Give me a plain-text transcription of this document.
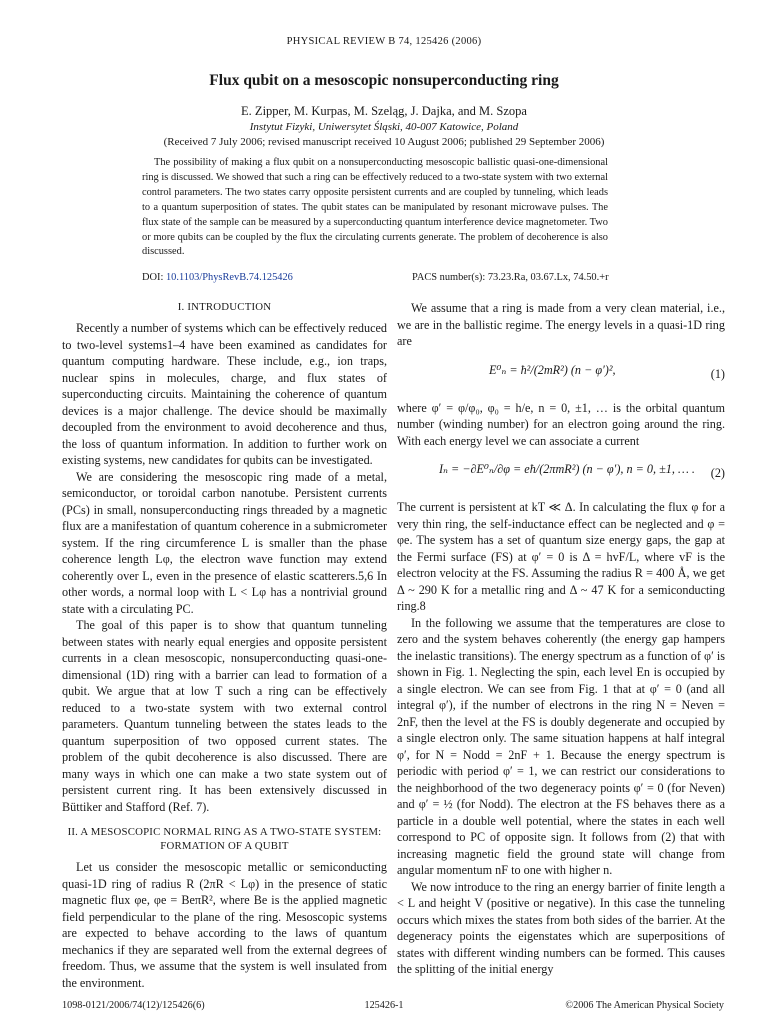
PHYSICAL REVIEW B 74, 125426 (2006)
Flux qubit on a mesoscopic nonsuperconducting ring
E. Zipper, M. Kurpas, M. Szeląg, J. Dajka, and M. Szopa
Instytut Fizyki, Uniwersytet Śląski, 40-007 Katowice, Poland
(Received 7 July 2006; revised manuscript received 10 August 2006; published 29 September 2006)
The possibility of making a flux qubit on a nonsuperconducting mesoscopic ballistic quasi-one-dimensional ring is discussed. We showed that such a ring can be effectively reduced to a two-state system with two external control parameters. The two states carry opposite persistent currents and are coupled by tunneling, which leads to a quantum superposition of states. The qubit states can be manipulated by resonant microwave pulses. The flux state of the sample can be measured by a superconducting quantum interference device magnetometer. Two or more qubits can be coupled by the flux the circulating currents generate. The problem of decoherence is also discussed.
DOI: 10.1103/PhysRevB.74.125426	PACS number(s): 73.23.Ra, 03.67.Lx, 74.50.+r
I. INTRODUCTION

Recently a number of systems which can be effectively reduced to two-level systems1–4 have been examined as candidates for quantum computing hardware. These include, e.g., ion traps, nuclear spins in molecules, charge, and flux states of superconducting circuits. Maintaining the coherence of quantum devices is a major challenge. The device should be maximally decoupled from the environment to avoid decoherence and thus, the loss of quantum information. In addition to further work on existing systems, new candidates for qubits can be investigated.

We are considering the mesoscopic ring made of a metal, semiconductor, or toroidal carbon nanotube. Persistent currents (PCs) in small, nonsuperconducting rings threaded by a magnetic flux are a manifestation of quantum coherence in a submicrometer system. If the ring circumference L is smaller than the phase coherence length Lφ, the electron wave function may extend coherently over L, even in the presence of elastic scatterers.5,6 In other words, a normal loop with L < Lφ has a nontrivial ground state with a circulating PC.

The goal of this paper is to show that quantum tunneling between states with nearly equal energies and opposite persistent currents in a clean mesoscopic, nonsuperconducting quasi-one-dimensional (1D) ring with a barrier can lead to formation of a qubit. We argue that at low T such a ring can be effectively reduced to a two-state system with two external control parameters. Quantum tunneling between the states leads to the quantum superposition of two opposed current states. The problem of the qubit decoherence is also discussed. There are many ways in which one can make a two state system out of persistent current ring. It has been extensively discussed in Büttiker and Stafford (Ref. 7).

II. A MESOSCOPIC NORMAL RING AS A TWO-STATE SYSTEM: FORMATION OF A QUBIT

Let us consider the mesoscopic metallic or semiconducting quasi-1D ring of radius R (2πR < Lφ) in the presence of static magnetic flux φe, φe = BeπR², where Be is the applied magnetic field perpendicular to the plane of the ring. Mesoscopic systems are expected to behave according to the laws of quantum mechanics if they are separated well from the external degrees of freedom. Thus, we assume that the system is well insulated from the environment.

We assume that a ring is made from a very clean material, i.e., we are in the ballistic regime. The energy levels in a quasi-1D ring are

E⁰ₙ = ħ²/(2mR²) (n − φ′)²,	(1)

where φ′ = φ/φ₀, φ₀ = h/e, n = 0, ±1, … is the orbital quantum number (winding number) for an electron going around the ring. With each energy level we can associate a current

Iₙ = −∂E⁰ₙ/∂φ = eħ/(2πmR²) (n − φ′), n = 0, ±1, … . (2)

The current is persistent at kT ≪ Δ. In calculating the flux φ for a very thin ring, the self-inductance effect can be neglected and φ = φe. The system has a set of quantum size energy gaps, the gap at the Fermi surface (FS) at φ′ = 0 is Δ = hvF/L, where vF is the electron velocity at the FS. Assuming the radius R = 400 Å, we get Δ ~ 290 K for a metallic ring and Δ ~ 47 K for a semiconducting ring.8

In the following we assume that the temperatures are close to zero and the system behaves coherently (the energy gap hampers the inelastic transitions). The energy spectrum as a function of φ′ is shown in Fig. 1. Neglecting the spin, each level En is occupied by a single electron. We can see from Fig. 1 that at φ′ = 0 (and all integral φ′), if the number of electrons in the ring N = Neven = 2nF, then the level at the FS is doubly degenerate and occupied by a single electron only. The same situation happens at half integral φ′, for N = Nodd = 2nF + 1. Because the energy spectrum is periodic with period φ′ = 1, we can restrict our considerations to the neighborhood of the two degeneracy points φ′ = 0 (for Neven) and φ′ = ½ (for Nodd). The electron at the FS behaves there as a particle in a double well potential, where the states in each well correspond to PC of opposite sign. It follows from (2) that with increasing magnetic field the ground state will change from angular momentum nF to one with higher n.

We now introduce to the ring an energy barrier of finite length a < L and height V (positive or negative). In this case the tunneling occurs which mixes the states from both sides of the barrier. At the degeneracy points the eigenstates which are superpositions of states with different winding numbers can be formed. This causes the splitting of the initial energy

1098-0121/2006/74(12)/125426(6)	125426-1	©2006 The American Physical Society
